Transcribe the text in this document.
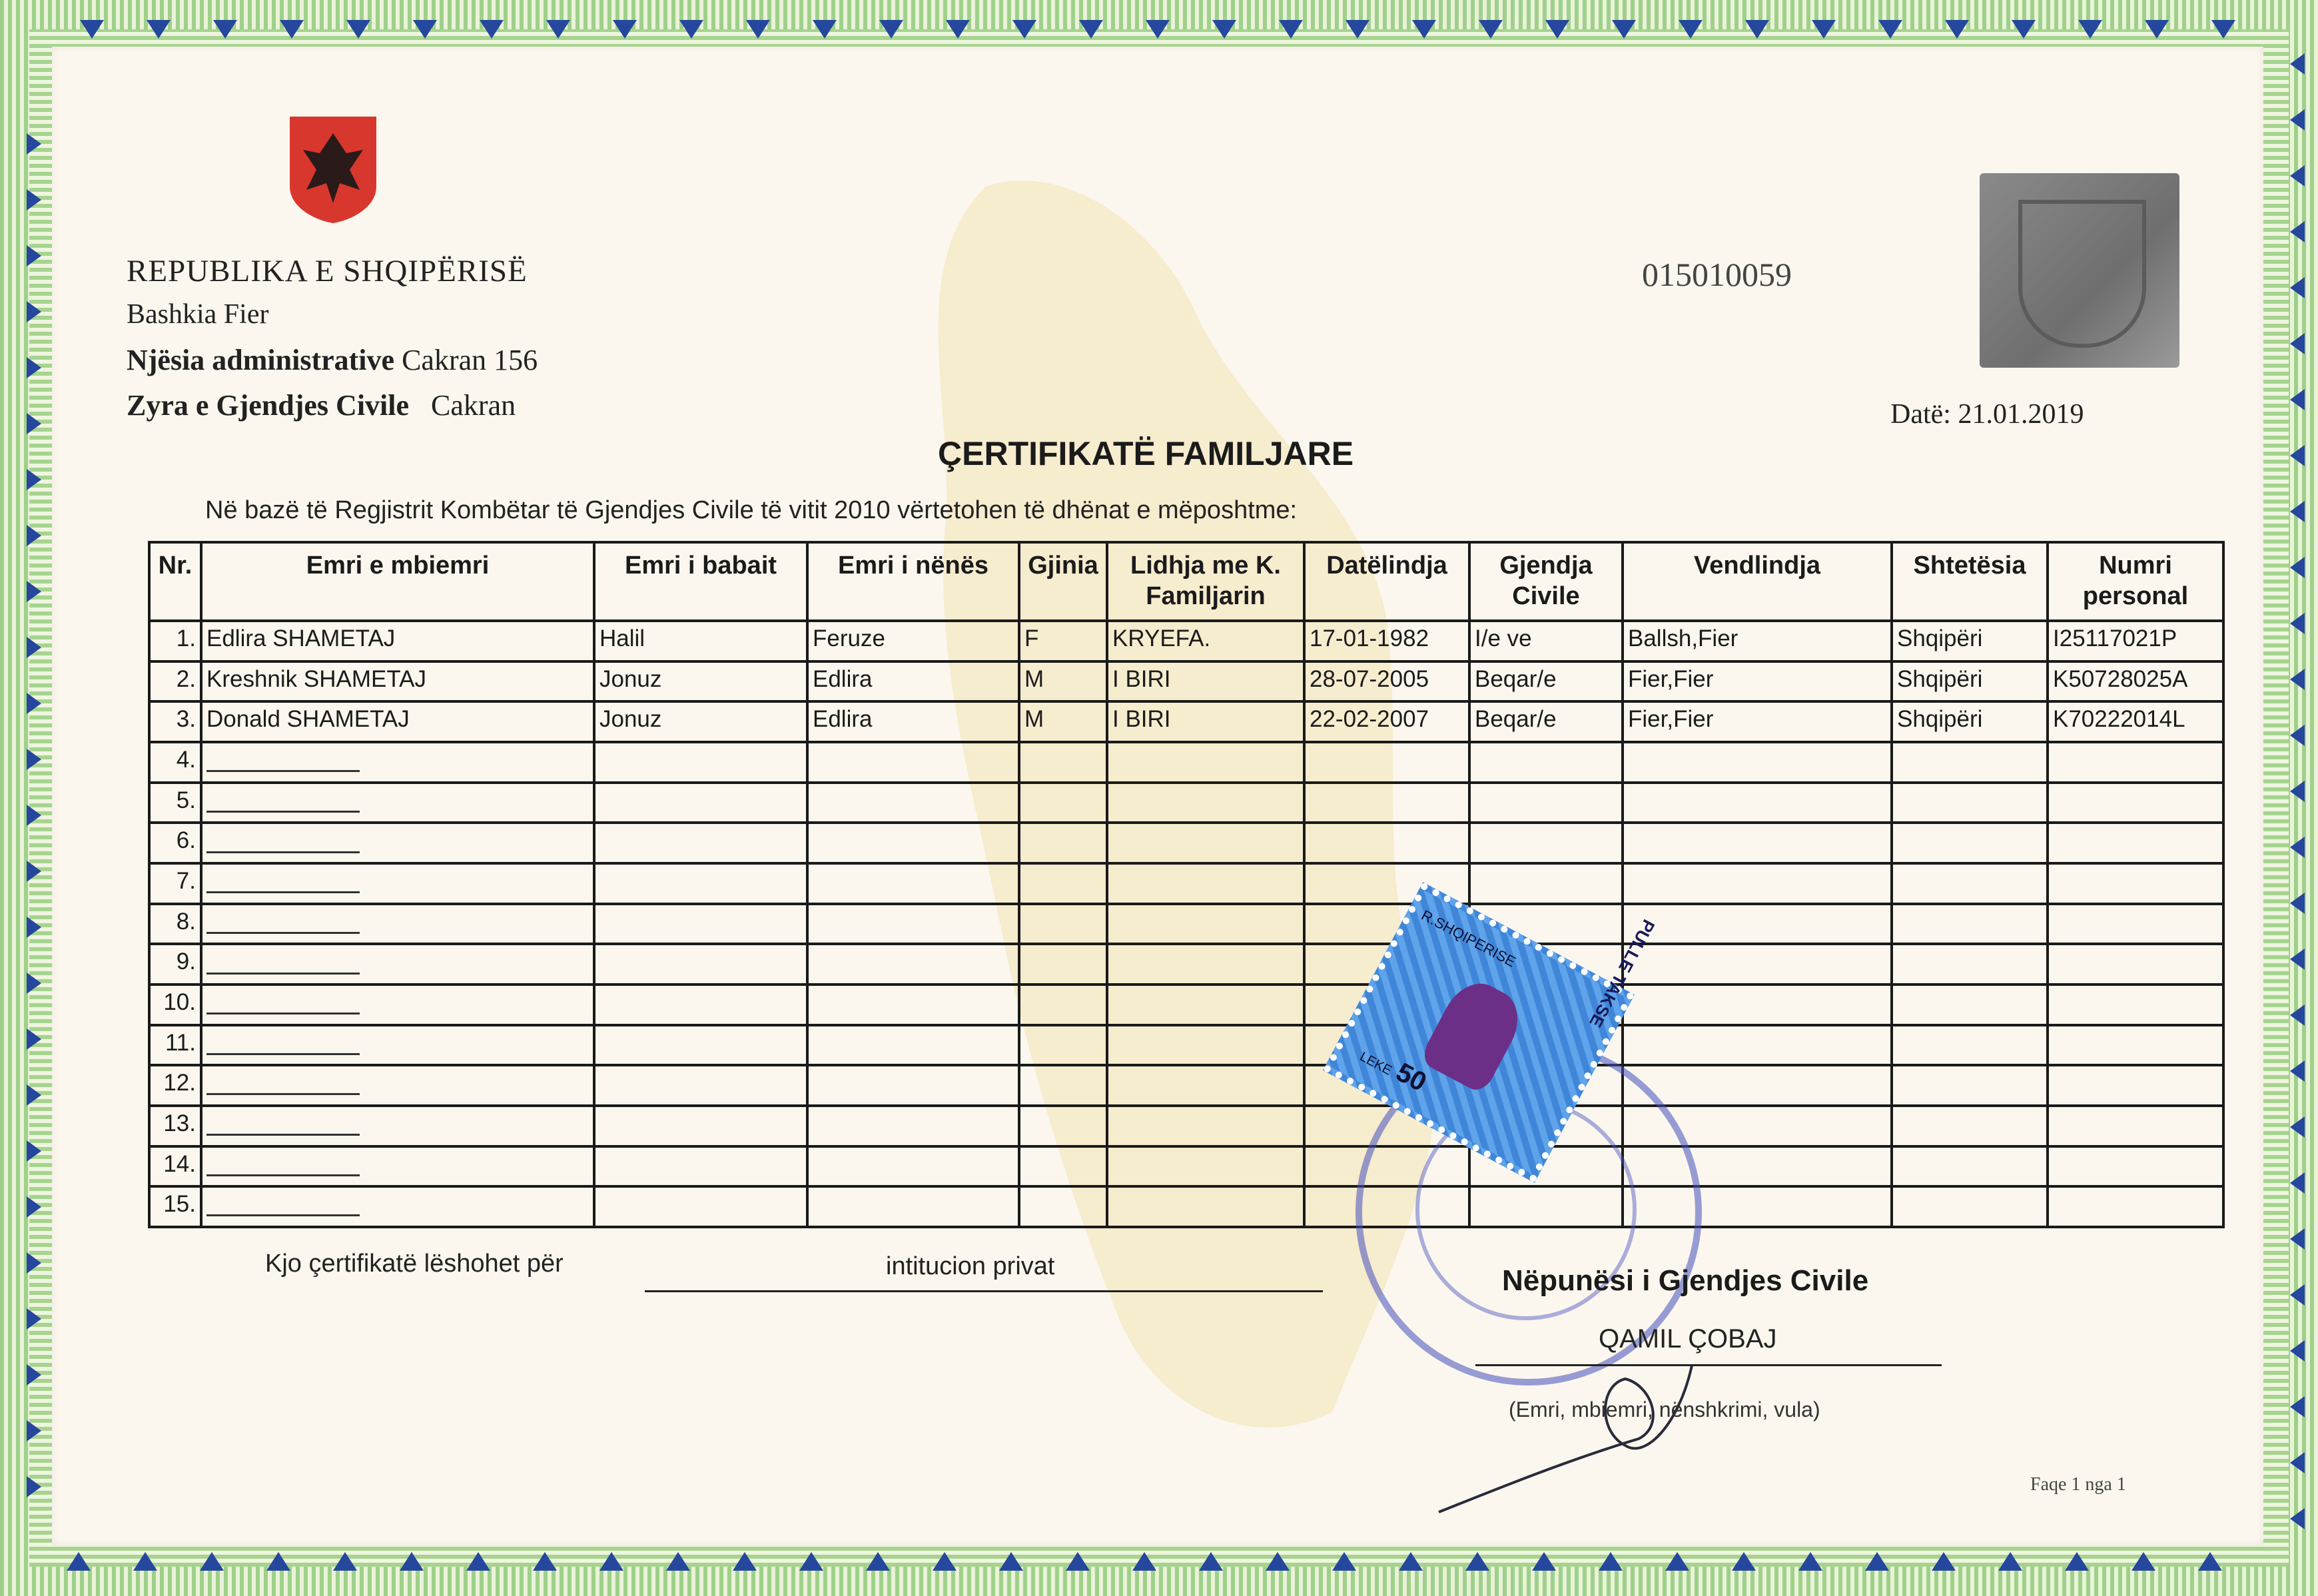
REPUBLIKA E SHQIPËRISË
Bashkia Fier
Njësia administrative Cakran 156
Zyra e Gjendjes Civile Cakran
015010059
Datë: 21.01.2019
ÇERTIFIKATË FAMILJARE
Në bazë të Regjistrit Kombëtar të Gjendjes Civile të vitit 2010 vërtetohen të dhënat e mëposhtme:
Nr.	Emri e mbiemri	Emri i babait	Emri i nënës	Gjinia	Lidhja me K. Familjarin	Datëlindja	Gjendja Civile	Vendlindja	Shtetësia	Numri personal
1.	Edlira SHAMETAJ	Halil	Feruze	F	KRYEFA.	17-01-1982	I/e ve	Ballsh,Fier	Shqipëri	I25117021P
2.	Kreshnik SHAMETAJ	Jonuz	Edlira	M	I BIRI	28-07-2005	Beqar/e	Fier,Fier	Shqipëri	K50728025A
3.	Donald SHAMETAJ	Jonuz	Edlira	M	I BIRI	22-02-2007	Beqar/e	Fier,Fier	Shqipëri	K70222014L
4.										
5.										
6.										
7.										
8.										
9.										
10.										
11.										
12.										
13.										
14.										
15.										
Kjo çertifikatë lëshohet për	intitucion privat
PULLE TAKSE
R.SHQIPERISE
50
LEKE
Nëpunësi i Gjendjes Civile
QAMIL ÇOBAJ
(Emri, mbiemri, nënshkrimi, vula)
Faqe 1 nga 1
